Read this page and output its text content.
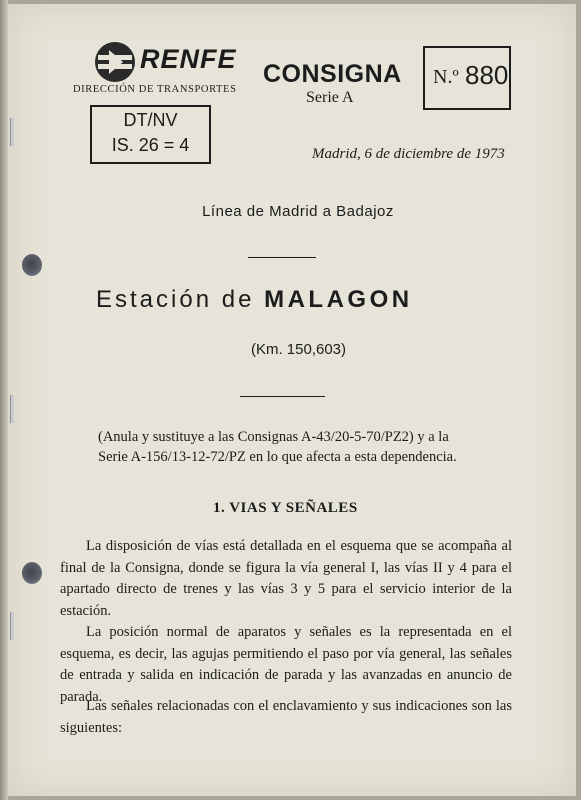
RENFE
DIRECCIÓN DE TRANSPORTES
DT/NV
IS. 26 = 4
CONSIGNA
Serie A
N.º 880
Madrid, 6 de diciembre de 1973
Línea de Madrid a Badajoz
Estación de MALAGON
(Km. 150,603)
(Anula y sustituye a las Consignas A-43/20-5-70/PZ2) y a la Serie A-156/13-12-72/PZ en lo que afecta a esta dependencia.
1. VIAS Y SEÑALES
La disposición de vías está detallada en el esquema que se acompaña al final de la Consigna, donde se figura la vía general I, las vías II y 4 para el apartado directo de trenes y las vías 3 y 5 para el servicio interior de la estación.
La posición normal de aparatos y señales es la representada en el esquema, es decir, las agujas permitiendo el paso por vía general, las señales de entrada y salida en indicación de parada y las avanzadas en anuncio de parada.
Las señales relacionadas con el enclavamiento y sus indicaciones son las siguientes:
